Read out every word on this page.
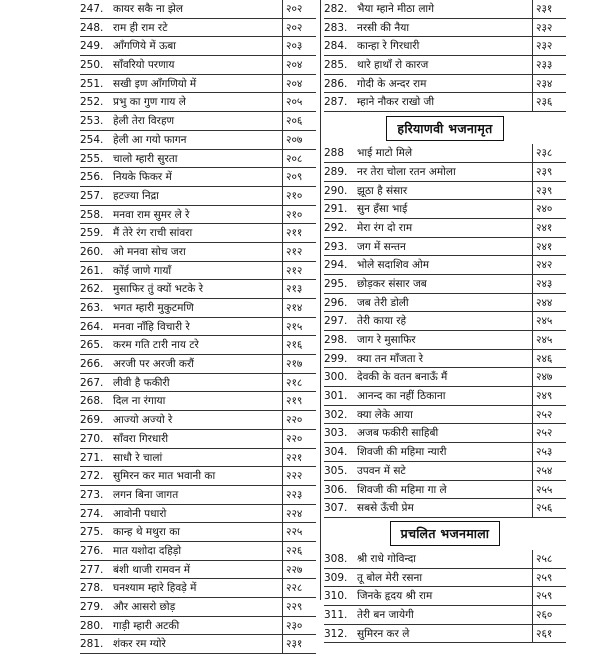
247. कायर सकै ना झेल	२०२
248. राम ही राम रटे	२०२
249. आँगणिये में ऊबा	२०३
250. साँवरियो परणाय	२०४
251. सखी इण आँगणियो में	२०४
252. प्रभु का गुण गाय ले	२०५
253. हेली तेरा विरहण	२०६
254. हेली आ गयो फागन	२०७
255. चालो म्हारी सुरता	२०८
256. नियके फिकर में	२०९
257. हटज्या निद्रा	२१०
258. मनवा राम सुमर ले रे	२१०
259. मैं तेरे रंग राची सांवरा	२११
260. ओ मनवा सोच जरा	२१२
261. कोंई जाणे गायाँ	२१२
262. मुसाफिर तुं क्यों भटके रे	२१३
263. भगत म्हारी मुकुटमणि	२१४
264. मनवा नाँहि विचारी रे	२१५
265. करम गति टारी नाय टरे	२१६
266. अरजी पर अरजी करौं	२१७
267. लीवी है फकीरी	२१८
268. दिल ना रंगाया	२१९
269. आज्यो अज्यो रे	२२०
270. साँवरा गिरधारी	२२०
271. साधौ रे चालां	२२१
272. सुमिरन कर मात भवानी का	२२२
273. लगन बिना जागत	२२३
274. आवोनी पधारो	२२४
275. कान्ह थे मथुरा का	२२५
276. मात यशोदा दहिड़ो	२२६
277. बंशी थाजी रामवन में	२२७
278. घनश्याम म्हारे हिवड़े में	२२८
279. और आसरो छोड़	२२९
280. गाड़ी म्हारी अटकी	२३०
281. शंकर रम ग्योरे	२३१
282. भैया म्हाने मीठा लागे	२३१
283. नरसी की नैया	२३२
284. कान्हा रे गिरधारी	२३२
285. थारे हाथाँ रो कारज	२३३
286. गोदी के अन्दर राम	२३४
287. म्हाने नौकर राखो जी	२३६
हरियाणवी भजनामृत
288	भाई माटो मिले	२३८
289. नर तेरा चोला रतन अमोला	२३९
290. झूठा है संसार	२३९
291. सुन हँसा भाई	२४०
292. मेरा रंग दो राम	२४१
293. जग में सन्तन	२४१
294. भोले सदाशिव ओम	२४२
295. छोड़कर संसार जब	२४३
296. जब तेरी डोली	२४४
297. तेरी काया रहे	२४५
298. जाग रे मुसाफिर	२४५
299. क्या तन माँजता रे	२४६
300. देवकी के वतन बनाऊँ मैं	२४७
301. आनन्द का नहीं ठिकाना	२४९
302. क्या लेके आया	२५२
303. अजब फकीरी साहिबी	२५२
304. शिवजी की महिमा न्यारी	२५३
305. उपवन में सटे	२५४
306. शिवजी की महिमा गा ले	२५५
307. सबसे ऊँची प्रेम	२५६
प्रचलित भजनमाला
308. श्री राधे गोविन्दा	२५८
309. तू बोल मेरी रसना	२५९
310. जिनके हृदय श्री राम	२५९
311. तेरी बन जायेगी	२६०
312. सुमिरन कर ले	२६१
